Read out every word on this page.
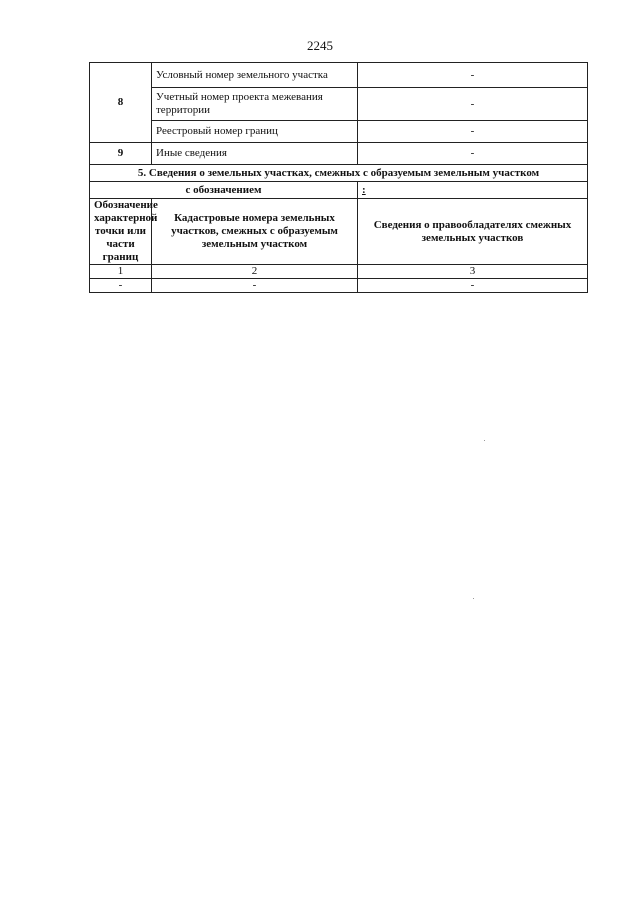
2245
8	Условный номер земельного участка	-
	Учетный номер проекта межевания территории	-
	Реестровый номер границ	-
9	Иные сведения	-
5. Сведения о земельных участках, смежных с образуемым земельным участком		
с обозначением		:
Обозначение характерной точки или части границ	Кадастровые номера земельных участков, смежных с образуемым земельным участком	Сведения о правообладателях смежных земельных участков
1	2	3
-	-	-
